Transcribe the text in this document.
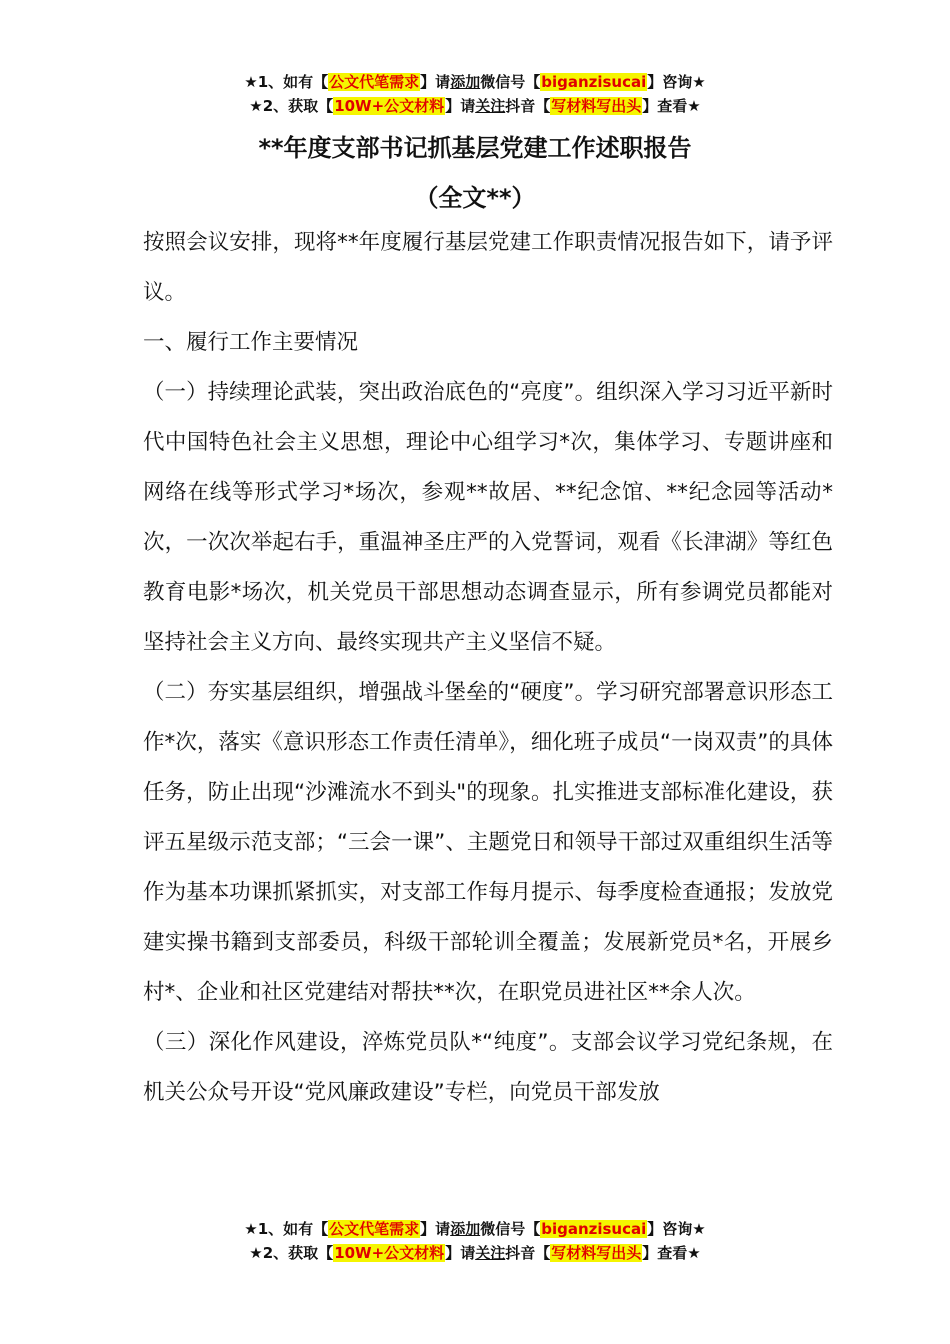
★1、如有【公文代笔需求】请添加微信号【biganzisucai】咨询★
★2、获取【10W+公文材料】请关注抖音【写材料写出头】查看★
**年度支部书记抓基层党建工作述职报告
（全文**）

按照会议安排，现将**年度履行基层党建工作职责情况报告如下，请予评议。

一、履行工作主要情况

（一）持续理论武装，突出政治底色的“亮度”。组织深入学习习近平新时代中国特色社会主义思想，理论中心组学习*次，集体学习、专题讲座和网络在线等形式学习*场次，参观**故居、**纪念馆、**纪念园等活动*次，一次次举起右手，重温神圣庄严的入党誓词，观看《长津湖》等红色教育电影*场次，机关党员干部思想动态调查显示，所有参调党员都能对坚持社会主义方向、最终实现共产主义坚信不疑。

（二）夯实基层组织，增强战斗堡垒的“硬度”。学习研究部署意识形态工作*次，落实《意识形态工作责任清单》，细化班子成员“一岗双责”的具体任务，防止出现“沙滩流水不到头"的现象。扎实推进支部标准化建设，获评五星级示范支部；“三会一课”、主题党日和领导干部过双重组织生活等作为基本功课抓紧抓实，对支部工作每月提示、每季度检查通报；发放党建实操书籍到支部委员，科级干部轮训全覆盖；发展新党员*名，开展乡村*、企业和社区党建结对帮扶**次，在职党员进社区**余人次。

（三）深化作风建设，淬炼党员队*“纯度”。支部会议学习党纪条规，在机关公众号开设“党风廉政建设”专栏，向党员干部发放

★1、如有【公文代笔需求】请添加微信号【biganzisucai】咨询★
★2、获取【10W+公文材料】请关注抖音【写材料写出头】查看★
